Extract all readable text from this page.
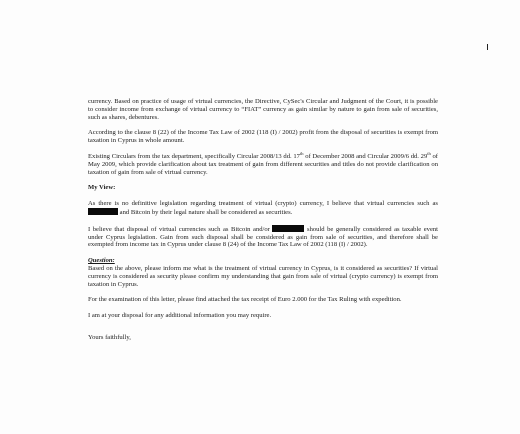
currency. Based on practice of usage of virtual currencies, the Directive, CySec's Circular and Judgment of the Court, it is possible to consider income from exchange of virtual currency to “FIAT” currency as gain similar by nature to gain from sale of securities, such as shares, debentures.

According to the clause 8 (22) of the Income Tax Law of 2002 (118 (I) / 2002) profit from the disposal of securities is exempt from taxation in Cyprus in whole amount.

Existing Circulars from the tax department, specifically Circular 2008/13 dd. 17th of December 2008 and Circular 2009/6 dd. 29th of May 2009, which provide clarification about tax treatment of gain from different securities and titles do not provide clarification on taxation of gain from sale of virtual currency.

My View:

As there is no definitive legislation regarding treatment of virtual (crypto) currency, I believe that virtual currencies such as  and Bitcoin by their legal nature shall be considered as securities.

I believe that disposal of virtual currencies such as Bitcoin and/or	should be generally considered as taxable event under Cyprus legislation. Gain from such disposal shall be considered as gain from sale of securities, and therefore shall be exempted from income tax in Cyprus under clause 8 (24) of the Income Tax Law of 2002 (118 (I) / 2002).

Question:
Based on the above, please inform me what is the treatment of virtual currency in Cyprus, is it considered as securities? If virtual currency is considered as security please confirm my understanding that gain from sale of virtual (crypto currency) is exempt from taxation in Cyprus.

For the examination of this letter, please find attached the tax receipt of Euro 2.000 for the Tax Ruling with expedition.

I am at your disposal for any additional information you may require.

Yours faithfully,
